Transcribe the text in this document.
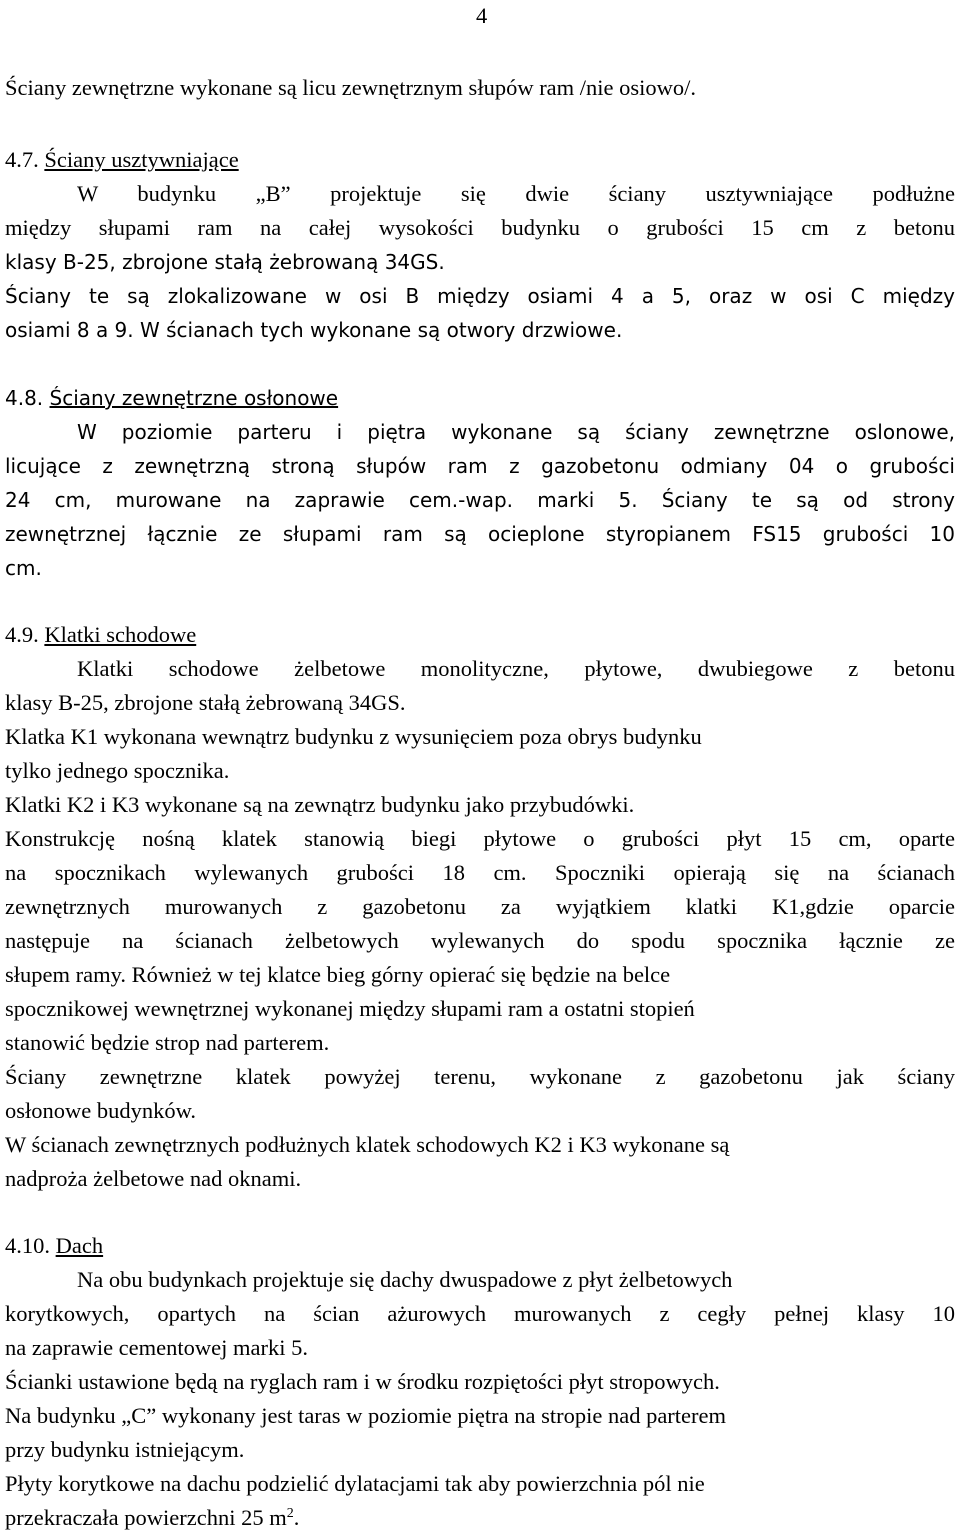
4

Ściany zewnętrzne wykonane są licu zewnętrznym słupów ram /nie osiowo/.

4.7. Ściany usztywniające

W budynku „B” projektuje się dwie ściany usztywniające podłużne

między słupami ram na całej wysokości budynku o grubości 15 cm z betonu

klasy B-25, zbrojone stałą żebrowaną 34GS.

Ściany te są zlokalizowane w osi B między osiami 4 a 5, oraz w osi C między

osiami 8 a 9. W ścianach tych wykonane są otwory drzwiowe.

4.8. Ściany zewnętrzne osłonowe

W poziomie parteru i piętra wykonane są ściany zewnętrzne oslonowe,

licujące z zewnętrzną stroną słupów ram z gazobetonu odmiany 04 o grubości

24 cm, murowane na zaprawie cem.-wap. marki 5. Ściany te są od strony

zewnętrznej łącznie ze słupami ram są ocieplone styropianem FS15 grubości 10

cm.

4.9. Klatki schodowe

Klatki schodowe żelbetowe monolityczne, płytowe, dwubiegowe z betonu

klasy B-25, zbrojone stałą żebrowaną 34GS.

Klatka K1 wykonana wewnątrz budynku z wysunięciem poza obrys budynku

tylko jednego spocznika.

Klatki K2 i K3 wykonane są na zewnątrz budynku jako przybudówki.

Konstrukcję nośną klatek stanowią biegi płytowe o grubości płyt 15 cm, oparte

na spocznikach wylewanych grubości 18 cm. Spoczniki opierają się na ścianach

zewnętrznych murowanych z gazobetonu za wyjątkiem klatki K1,gdzie oparcie

następuje na ścianach żelbetowych wylewanych do spodu spocznika łącznie ze

słupem ramy. Również w tej klatce bieg górny opierać się będzie na belce

spocznikowej wewnętrznej wykonanej między słupami ram a ostatni stopień

stanowić będzie strop nad parterem.

Ściany zewnętrzne klatek powyżej terenu, wykonane z gazobetonu jak ściany

osłonowe budynków.

W ścianach zewnętrznych podłużnych klatek schodowych K2 i K3 wykonane są

nadproża żelbetowe nad oknami.

4.10. Dach

Na obu budynkach projektuje się dachy dwuspadowe z płyt żelbetowych

korytkowych, opartych na ścian ażurowych murowanych z cegły pełnej klasy 10

na zaprawie cementowej marki 5.

Ścianki ustawione będą na ryglach ram i w środku rozpiętości płyt stropowych.

Na budynku „C” wykonany jest taras w poziomie piętra na stropie nad parterem

przy budynku istniejącym.

Płyty korytkowe na dachu podzielić dylatacjami tak aby powierzchnia pól nie

przekraczała powierzchni 25 $m^2$.
